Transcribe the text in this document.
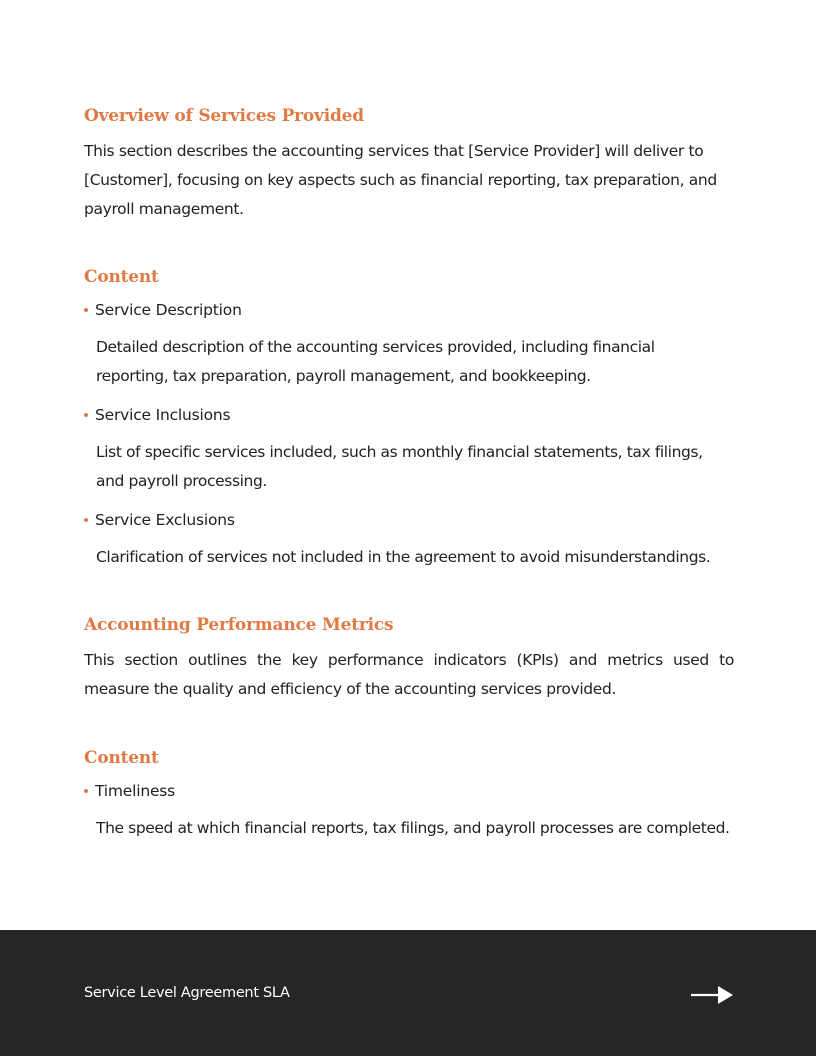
Overview of Services Provided

This section describes the accounting services that [Service Provider] will deliver to [Customer], focusing on key aspects such as financial reporting, tax preparation, and payroll management.

Content
Service Description

Detailed description of the accounting services provided, including financial reporting, tax preparation, payroll management, and bookkeeping.

Service Inclusions

List of specific services included, such as monthly financial statements, tax filings, and payroll processing.

Service Exclusions

Clarification of services not included in the agreement to avoid misunderstandings.

Accounting Performance Metrics

This section outlines the key performance indicators (KPIs) and metrics used to measure the quality and efficiency of the accounting services provided.

Content
Timeliness

The speed at which financial reports, tax filings, and payroll processes are completed.

Service Level Agreement SLA
